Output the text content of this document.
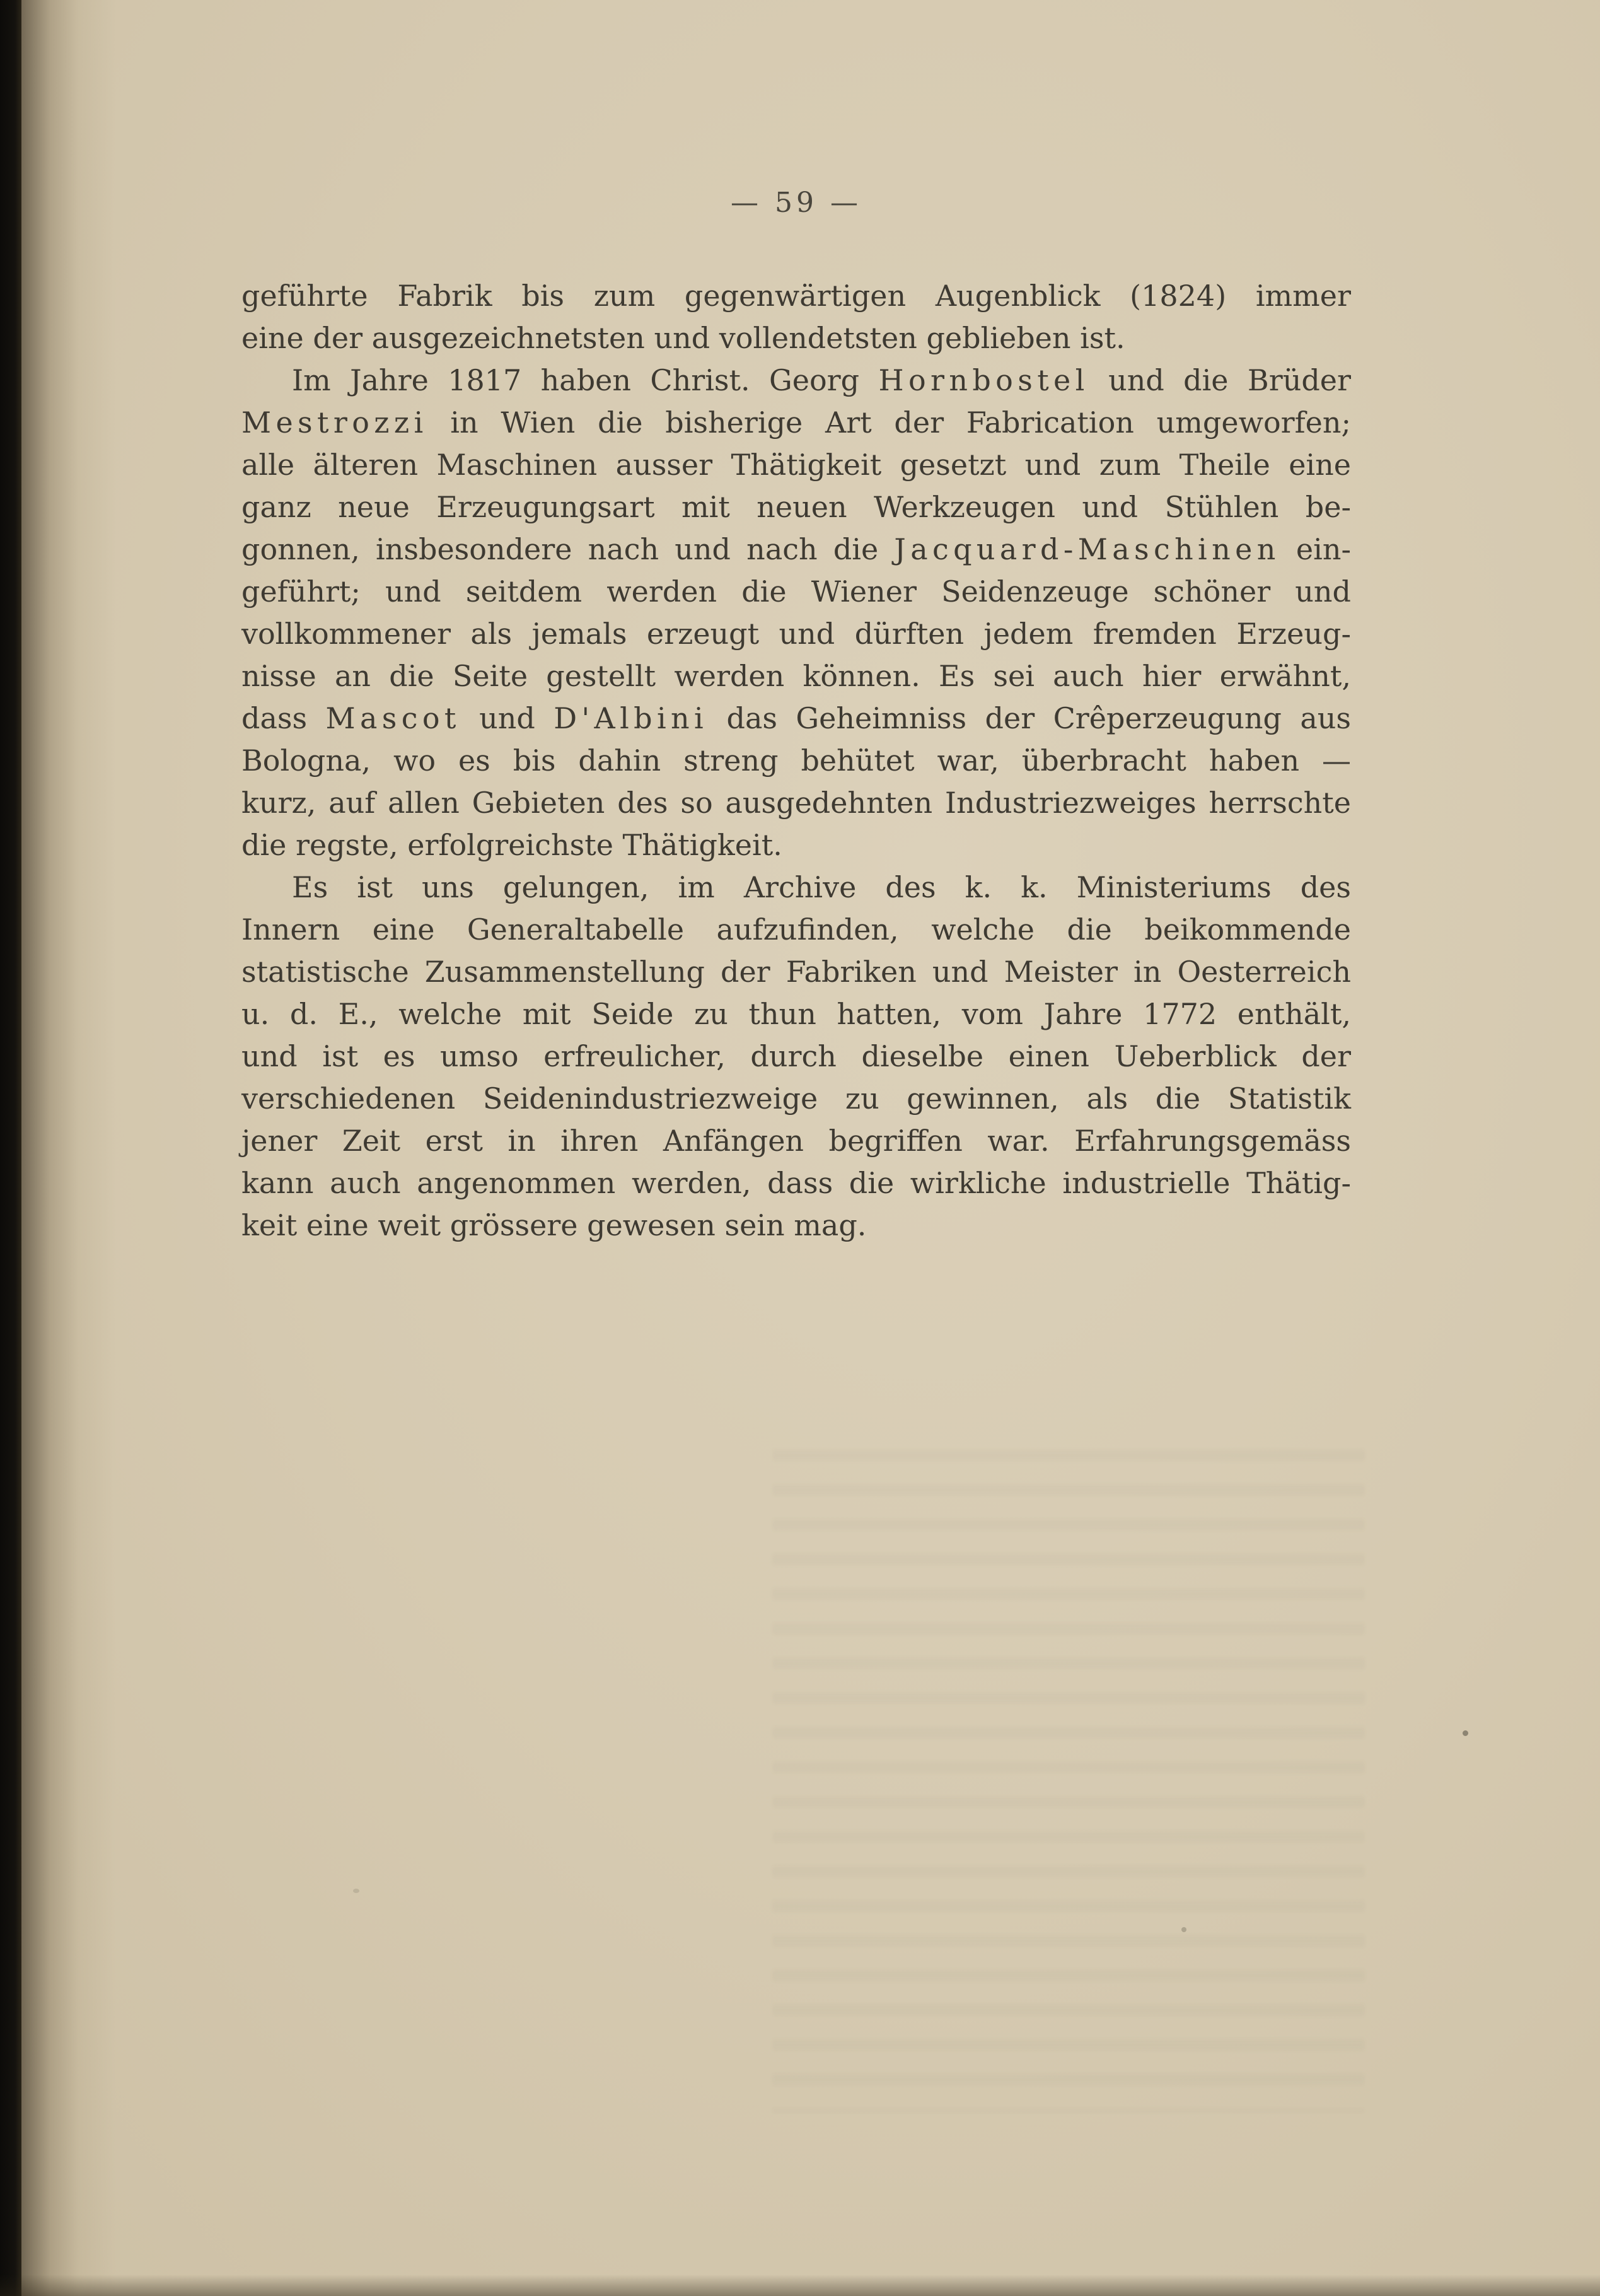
— 59 —
geführte Fabrik bis zum gegenwärtigen Augenblick (1824) immer
eine der ausgezeichnetsten und vollendetsten geblieben ist.
Im Jahre 1817 haben Christ. Georg Hornbostel und die Brüder
Mestrozzi in Wien die bisherige Art der Fabrication umgeworfen;
alle älteren Maschinen ausser Thätigkeit gesetzt und zum Theile eine
ganz neue Erzeugungsart mit neuen Werkzeugen und Stühlen be-
gonnen, insbesondere nach und nach die Jacquard-Maschinen ein-
geführt; und seitdem werden die Wiener Seidenzeuge schöner und
vollkommener als jemals erzeugt und dürften jedem fremden Erzeug-
nisse an die Seite gestellt werden können. Es sei auch hier erwähnt,
dass Mascot und D'Albini das Geheimniss der Crêperzeugung aus
Bologna, wo es bis dahin streng behütet war, überbracht haben —
kurz, auf allen Gebieten des so ausgedehnten Industriezweiges herrschte
die regste, erfolgreichste Thätigkeit.
Es ist uns gelungen, im Archive des k. k. Ministeriums des
Innern eine Generaltabelle aufzufinden, welche die beikommende
statistische Zusammenstellung der Fabriken und Meister in Oesterreich
u. d. E., welche mit Seide zu thun hatten, vom Jahre 1772 enthält,
und ist es umso erfreulicher, durch dieselbe einen Ueberblick der
verschiedenen Seidenindustriezweige zu gewinnen, als die Statistik
jener Zeit erst in ihren Anfängen begriffen war. Erfahrungsgemäss
kann auch angenommen werden, dass die wirkliche industrielle Thätig-
keit eine weit grössere gewesen sein mag.
